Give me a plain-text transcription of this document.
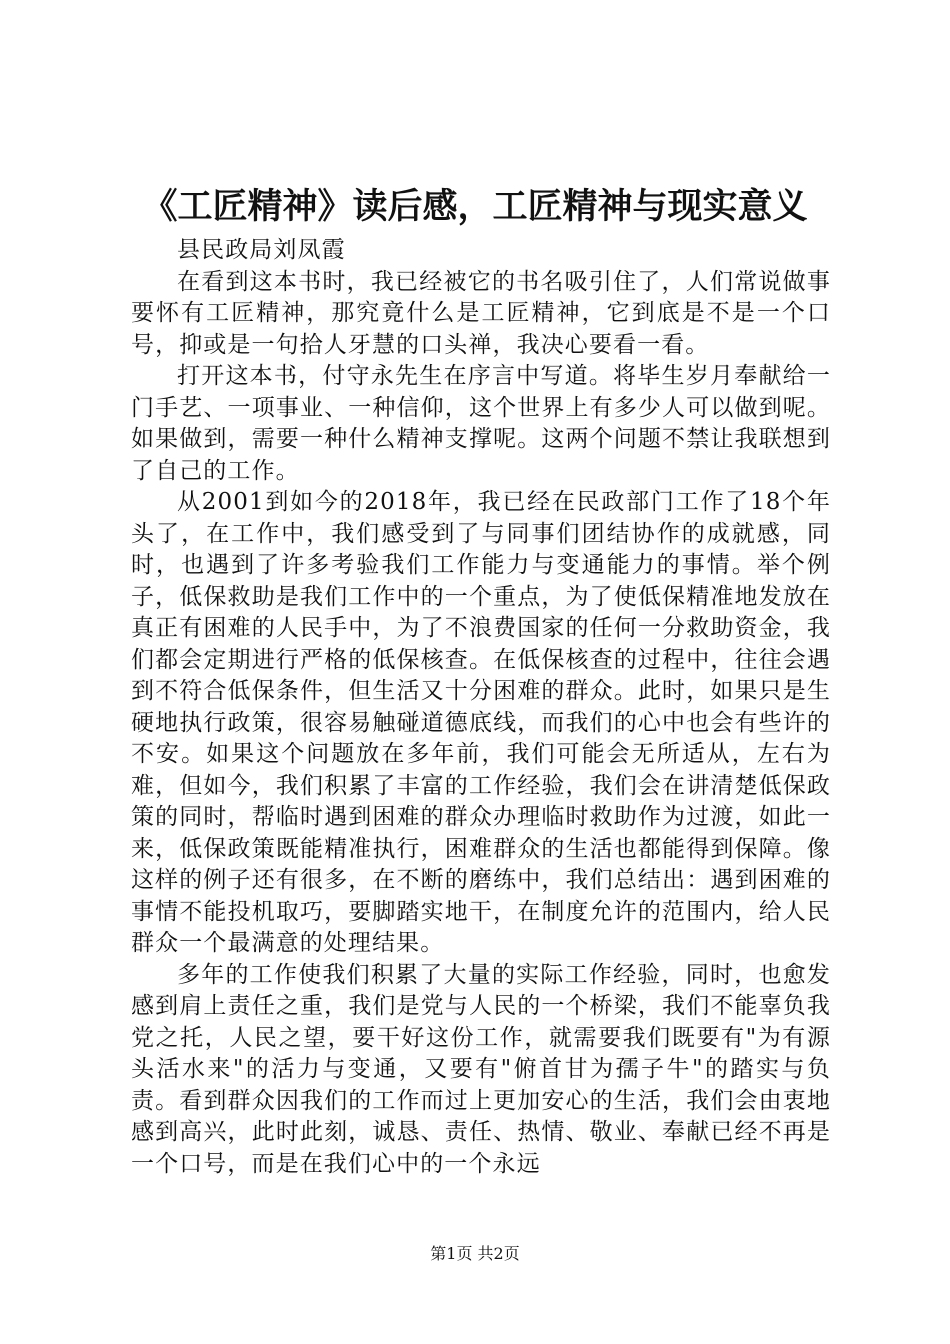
《工匠精神》读后感，工匠精神与现实意义

县民政局刘凤霞

在看到这本书时，我已经被它的书名吸引住了，人们常说做事要怀有工匠精神，那究竟什么是工匠精神，它到底是不是一个口号，抑或是一句拾人牙慧的口头禅，我决心要看一看。

打开这本书，付守永先生在序言中写道。将毕生岁月奉献给一门手艺、一项事业、一种信仰，这个世界上有多少人可以做到呢。如果做到，需要一种什么精神支撑呢。这两个问题不禁让我联想到了自己的工作。

从2001到如今的2018年，我已经在民政部门工作了18个年头了，在工作中，我们感受到了与同事们团结协作的成就感，同时，也遇到了许多考验我们工作能力与变通能力的事情。举个例子，低保救助是我们工作中的一个重点，为了使低保精准地发放在真正有困难的人民手中，为了不浪费国家的任何一分救助资金，我们都会定期进行严格的低保核查。在低保核查的过程中，往往会遇到不符合低保条件，但生活又十分困难的群众。此时，如果只是生硬地执行政策，很容易触碰道德底线，而我们的心中也会有些许的不安。如果这个问题放在多年前，我们可能会无所适从，左右为难，但如今，我们积累了丰富的工作经验，我们会在讲清楚低保政策的同时，帮临时遇到困难的群众办理临时救助作为过渡，如此一来，低保政策既能精准执行，困难群众的生活也都能得到保障。像这样的例子还有很多，在不断的磨练中，我们总结出：遇到困难的事情不能投机取巧，要脚踏实地干，在制度允许的范围内，给人民群众一个最满意的处理结果。

多年的工作使我们积累了大量的实际工作经验，同时，也愈发感到肩上责任之重，我们是党与人民的一个桥梁，我们不能辜负我党之托，人民之望，要干好这份工作，就需要我们既要有"为有源头活水来"的活力与变通，又要有"俯首甘为孺子牛"的踏实与负责。看到群众因我们的工作而过上更加安心的生活，我们会由衷地感到高兴，此时此刻，诚恳、责任、热情、敬业、奉献已经不再是一个口号，而是在我们心中的一个永远

第1页 共2页
